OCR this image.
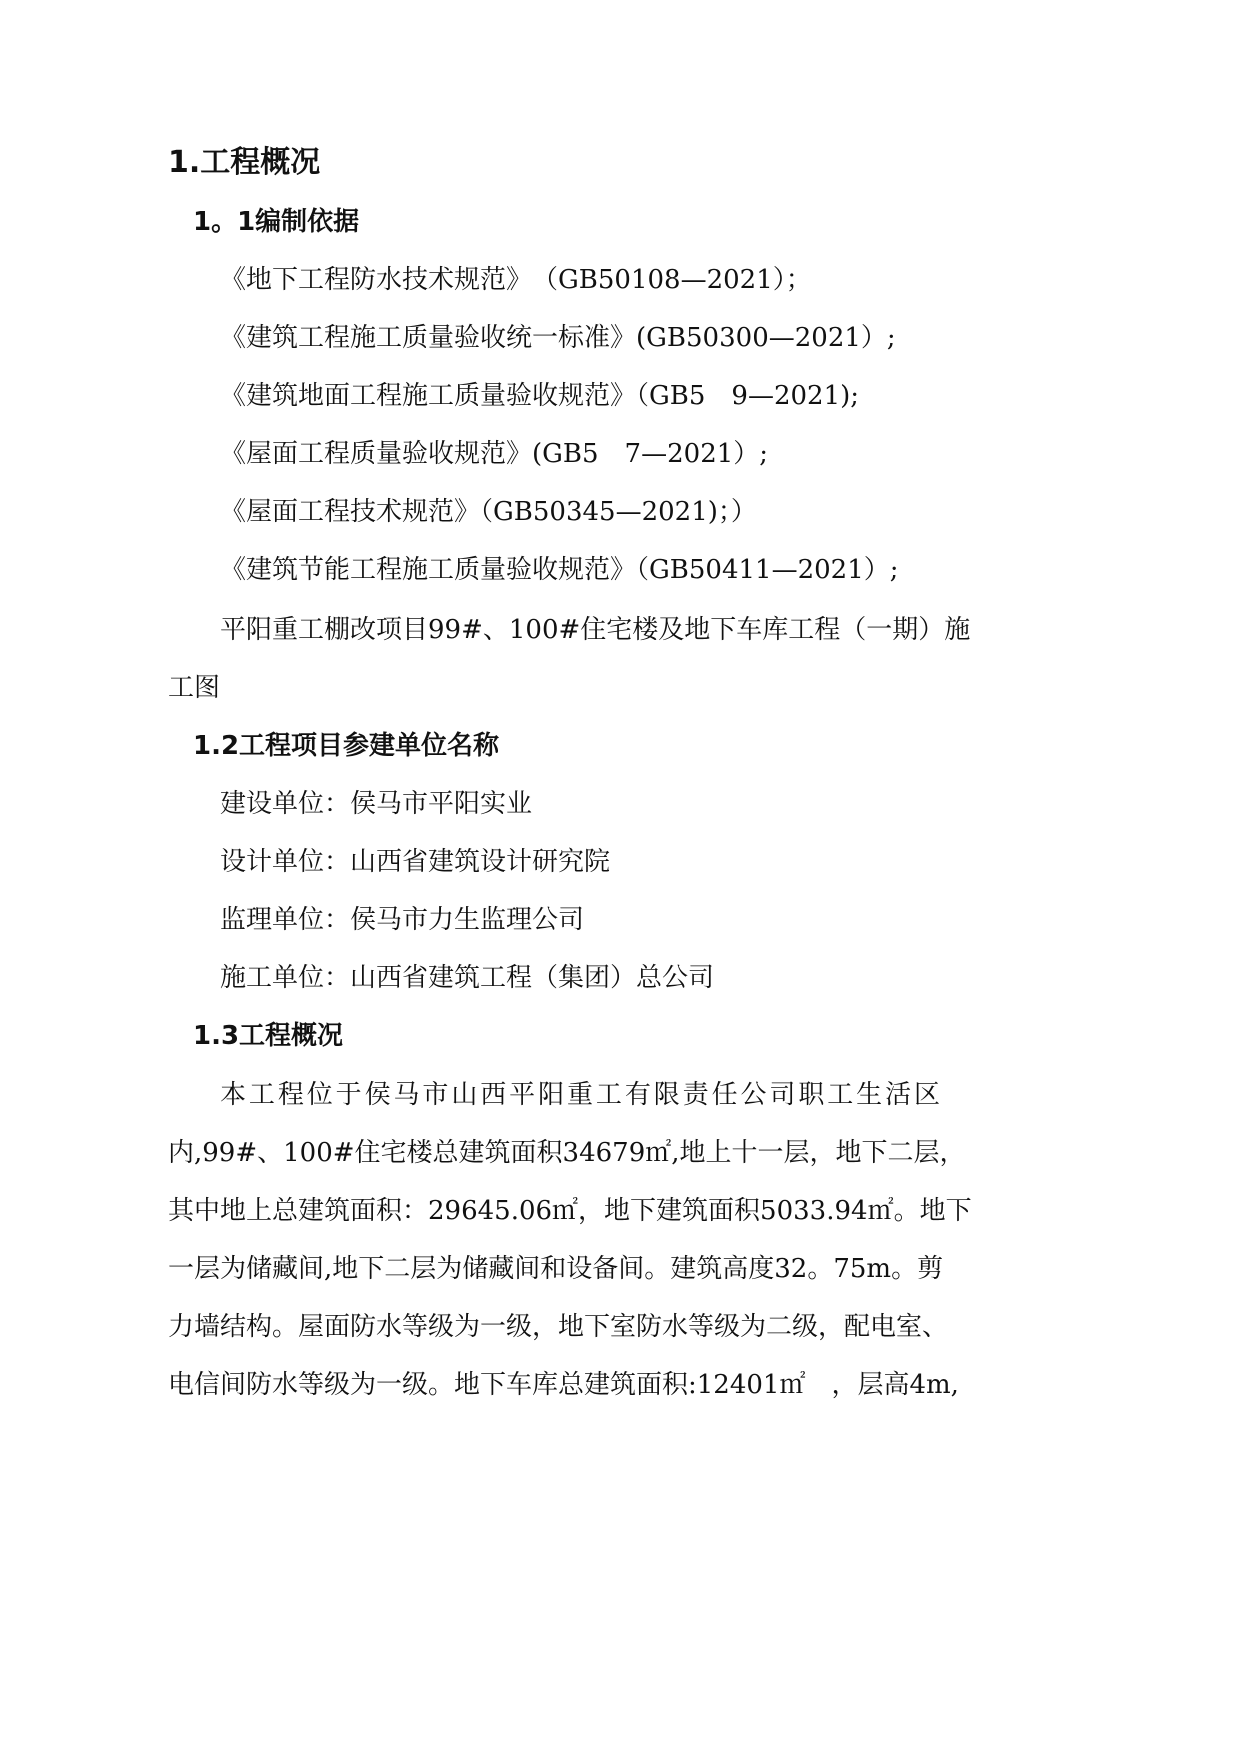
1.工程概况
1。1编制依据
《地下工程防水技术规范》　（GB50108—2021）；
《建筑工程施工质量验收统一标准》(GB50300—2021）;
《建筑地面工程施工质量验收规范》（GB5　9—2021);
《屋面工程质量验收规范》(GB5　7—2021）;
《屋面工程技术规范》（GB50345—2021)；）
《建筑节能工程施工质量验收规范》（GB50411—2021）;
平阳重工棚改项目99#、100#住宅楼及地下车库工程（一期）施
工图
1.2工程项目参建单位名称
建设单位：侯马市平阳实业
设计单位：山西省建筑设计研究院
监理单位：侯马市力生监理公司
施工单位：山西省建筑工程（集团）总公司
1.3工程概况
本工程位于侯马市山西平阳重工有限责任公司职工生活区
内,99#、100#住宅楼总建筑面积34679㎡,地上十一层，地下二层，
其中地上总建筑面积：29645.06㎡，地下建筑面积5033.94㎡。地下
一层为储藏间,地下二层为储藏间和设备间。建筑高度32。75m。剪
力墙结构。屋面防水等级为一级，地下室防水等级为二级，配电室、
电信间防水等级为一级。地下车库总建筑面积:12401㎡　，层高4m,
